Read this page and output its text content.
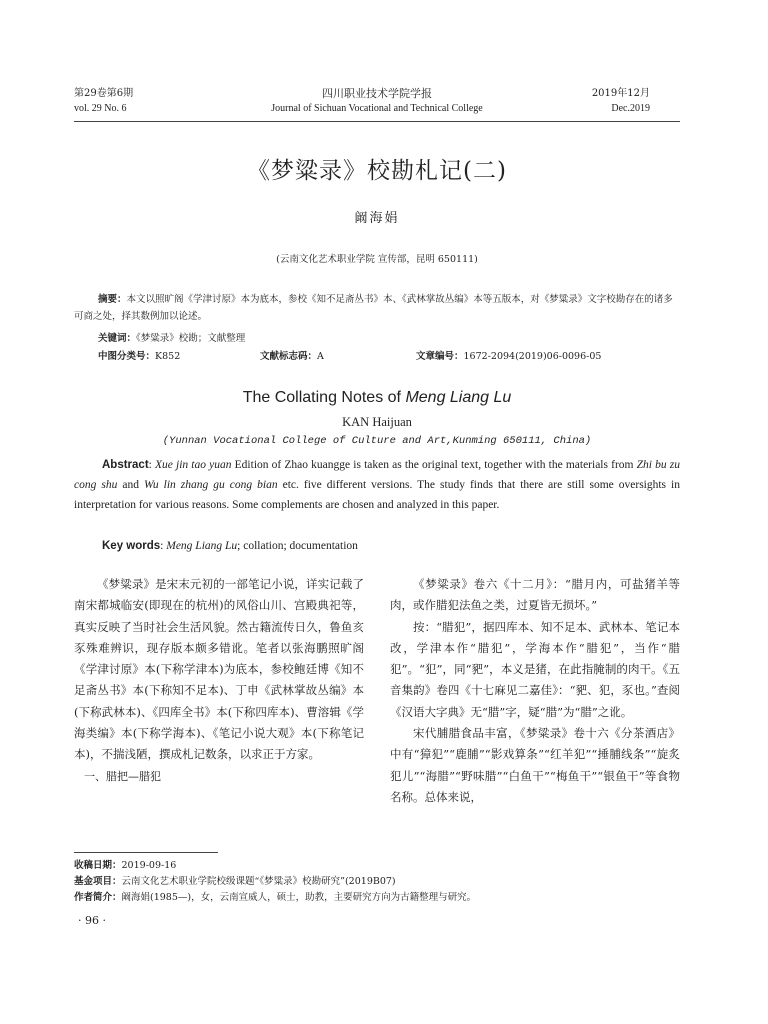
第29卷第6期
vol. 29 No. 6
四川职业技术学院学报
Journal of Sichuan Vocational and Technical College
2019年12月
Dec.2019
《梦粱录》校勘札记(二)
阚海娟
(云南文化艺术职业学院 宣传部，昆明 650111)
摘要：本文以照旷阁《学津讨原》本为底本，参校《知不足斋丛书》本、《武林掌故丛编》本等五版本，对《梦粱录》文字校勘存在的诸多可商之处，择其数例加以论述。
关键词：《梦粱录》校勘；文献整理
中图分类号：K852	文献标志码：A	文章编号：1672-2094(2019)06-0096-05
The Collating Notes of Meng Liang Lu
KAN Haijuan
(Yunnan Vocational College of Culture and Art,Kunming 650111, China)
Abstract: Xue jin tao yuan Edition of Zhao kuangge is taken as the original text, together with the materials from Zhi bu zu cong shu and Wu lin zhang gu cong bian etc. five different versions. The study finds that there are still some oversights in interpretation for various reasons. Some complements are chosen and analyzed in this paper.
Key words: Meng Liang Lu; collation; documentation

《梦粱录》是宋末元初的一部笔记小说，详实记载了南宋都城临安(即现在的杭州)的风俗山川、宫殿典祀等，真实反映了当时社会生活风貌。然古籍流传日久，鲁鱼亥豕殊难辨识，现存版本颇多错讹。笔者以张海鹏照旷阁《学津讨原》本(下称学津本)为底本，参校鲍廷博《知不足斋丛书》本(下称知不足本)、丁申《武林掌故丛编》本(下称武林本)、《四库全书》本(下称四库本)、曹溶辑《学海类编》本(下称学海本)、《笔记小说大观》本(下称笔记本)，不揣浅陋，撰成札记数条，以求正于方家。

一、腊把—腊犯

《梦粱录》卷六《十二月》：“腊月内，可盐猪羊等肉，或作腊犯法鱼之类，过夏皆无损坏。”

按：“腊犯”，据四库本、知不足本、武林本、笔记本改，学津本作“腊犯”，学海本作“腊犯”，当作“腊犯”。“犯”，同“豝”，本义是猪，在此指腌制的肉干。《五音集韵》卷四《十七麻见二嘉佳》：“豝、犯，豕也。”查阅《汉语大字典》无“腊”字，疑“腊”为“腊”之讹。

宋代脯腊食品丰富，《梦粱录》卷十六《分茶酒店》中有“獐犯”“鹿脯”“影戏算条”“红羊犯”“捶脯线条”“旋炙犯儿”“海腊”“野味腊”“白鱼干”“梅鱼干”“银鱼干”等食物名称。总体来说，

收稿日期：2019-09-16
基金项目：云南文化艺术职业学院校级课题“《梦粱录》校勘研究”(2019B07)
作者简介：阚海娟(1985—)，女，云南宣威人，硕士，助教，主要研究方向为古籍整理与研究。
· 96 ·
